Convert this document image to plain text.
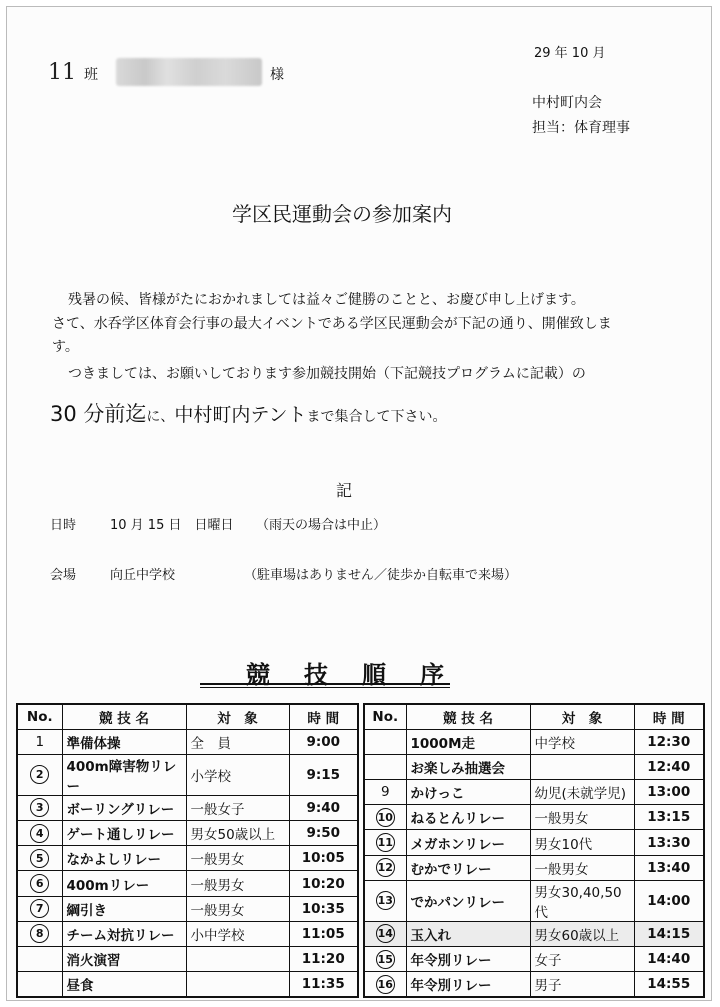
11 班	様
29 年 10 月
中村町内会
担当：体育理事
学区民運動会の参加案内
残暑の候、皆様がたにおかれましては益々ご健勝のことと、お慶び申し上げます。
さて、水呑学区体育会行事の最大イベントである学区民運動会が下記の通り、開催致しま
す。
つきましては、お願いしております参加競技開始（下記競技プログラムに記載）の
30 分前迄に、中村町内テントまで集合して下さい。
記
日時	10 月 15 日　日曜日 （雨天の場合は中止）
会場	向丘中学校	（駐車場はありません／徒歩か自転車で来場）
競技順序
No.	競 技 名	対　象	時 間
1	準備体操	全　員	9:00
2	400m障害物リレー	小学校	9:15
3	ボーリングリレー	一般女子	9:40
4	ゲート通しリレー	男女50歳以上	9:50
5	なかよしリレー	一般男女	10:05
6	400mリレー	一般男女	10:20
7	綱引き	一般男女	10:35
8	チーム対抗リレー	小中学校	11:05
	消火演習		11:20
	昼食		11:35
No.	競 技 名	対　象	時 間
	1000M走	中学校	12:30
	お楽しみ抽選会		12:40
9	かけっこ	幼児(未就学児)	13:00
10	ねるとんリレー	一般男女	13:15
11	メガホンリレー	男女10代	13:30
12	むかでリレー	一般男女	13:40
13	でかパンリレー	男女30,40,50代	14:00
14	玉入れ	男女60歳以上	14:15
15	年令別リレー	女子	14:40
16	年令別リレー	男子	14:55
